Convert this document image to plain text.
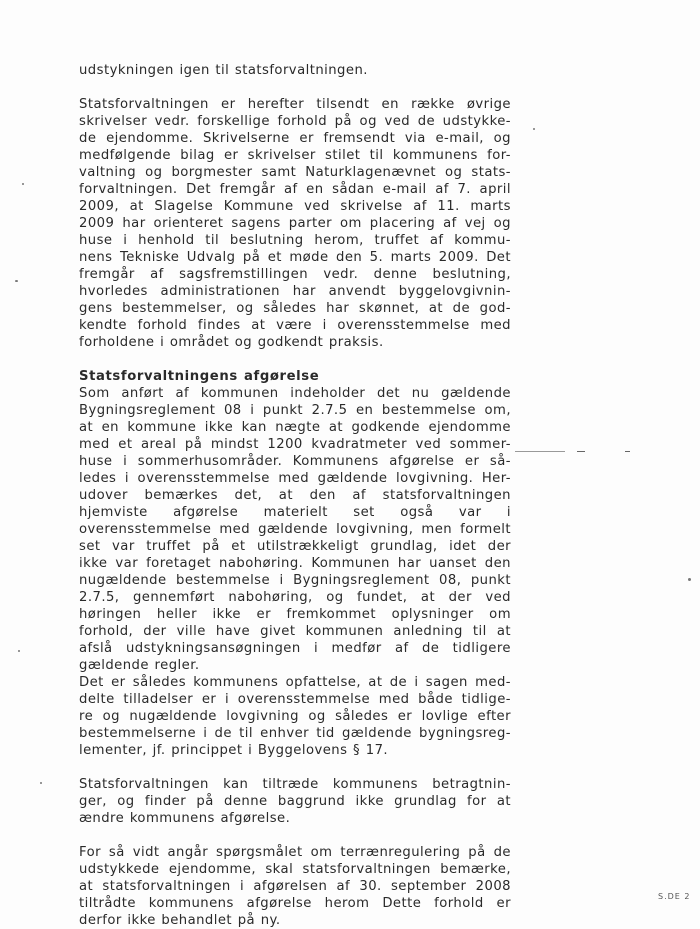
udstykningen igen til statsforvaltningen.
Statsforvaltningen er herefter tilsendt en række øvrige
skrivelser vedr. forskellige forhold på og ved de udstykke-
de ejendomme. Skrivelserne er fremsendt via e-mail, og
medfølgende bilag er skrivelser stilet til kommunens for-
valtning og borgmester samt Naturklagenævnet og stats-
forvaltningen. Det fremgår af en sådan e-mail af 7. april
2009, at Slagelse Kommune ved skrivelse af 11. marts
2009 har orienteret sagens parter om placering af vej og
huse i henhold til beslutning herom, truffet af kommu-
nens Tekniske Udvalg på et møde den 5. marts 2009. Det
fremgår af sagsfremstillingen vedr. denne beslutning,
hvorledes administrationen har anvendt byggelovgivnin-
gens bestemmelser, og således har skønnet, at de god-
kendte forhold findes at være i overensstemmelse med
forholdene i området og godkendt praksis.
Statsforvaltningens afgørelse
Som anført af kommunen indeholder det nu gældende
Bygningsreglement 08 i punkt 2.7.5 en bestemmelse om,
at en kommune ikke kan nægte at godkende ejendomme
med et areal på mindst 1200 kvadratmeter ved sommer-
huse i sommerhusområder. Kommunens afgørelse er så-
ledes i overensstemmelse med gældende lovgivning. Her-
udover bemærkes det, at den af statsforvaltningen
hjemviste afgørelse materielt set også var i
overensstemmelse med gældende lovgivning, men formelt
set var truffet på et utilstrækkeligt grundlag, idet der
ikke var foretaget nabohøring. Kommunen har uanset den
nugældende bestemmelse i Bygningsreglement 08, punkt
2.7.5, gennemført nabohøring, og fundet, at der ved
høringen heller ikke er fremkommet oplysninger om
forhold, der ville have givet kommunen anledning til at
afslå udstykningsansøgningen i medfør af de tidligere
gældende regler.
Det er således kommunens opfattelse, at de i sagen med-
delte tilladelser er i overensstemmelse med både tidlige-
re og nugældende lovgivning og således er lovlige efter
bestemmelserne i de til enhver tid gældende bygningsreg-
lementer, jf. princippet i Byggelovens § 17.
Statsforvaltningen kan tiltræde kommunens betragtnin-
ger, og finder på denne baggrund ikke grundlag for at
ændre kommunens afgørelse.
For så vidt angår spørgsmålet om terrænregulering på de
udstykkede ejendomme, skal statsforvaltningen bemærke,
at statsforvaltningen i afgørelsen af 30. september 2008
tiltrådte kommunens afgørelse herom Dette forhold er
derfor ikke behandlet på ny.
S.DE 2
